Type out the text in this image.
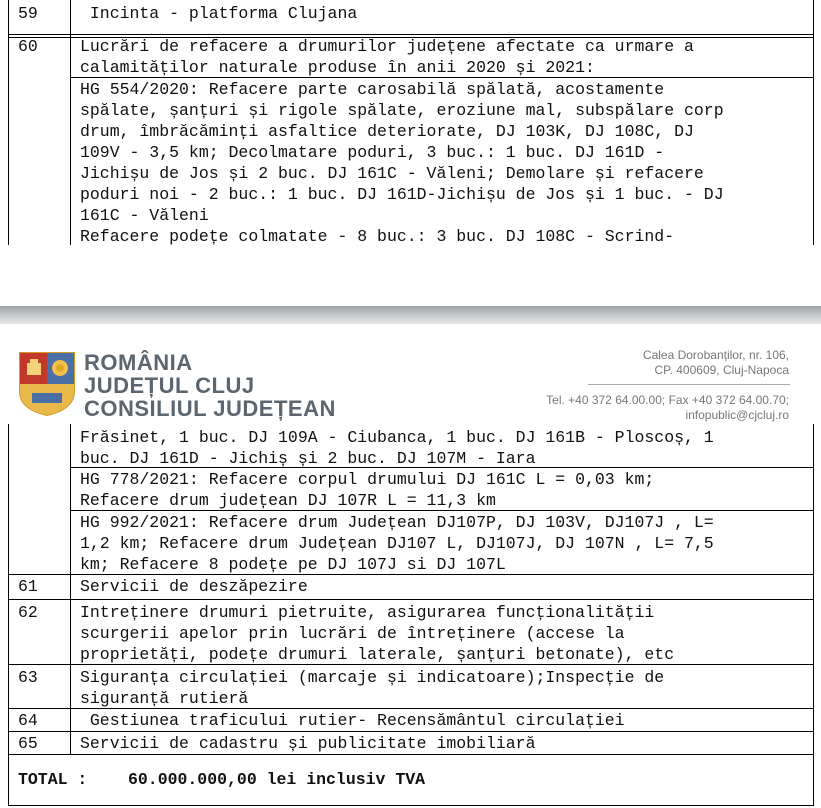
59	Incinta - platforma Clujana
60	Lucrări de refacere a drumurilor județene afectate ca urmare a
calamităților naturale produse în anii 2020 și 2021:
HG 554/2020: Refacere parte carosabilă spălată, acostamente
spălate, șanțuri și rigole spălate, eroziune mal, subspălare corp
drum, îmbrăcăminți asfaltice deteriorate, DJ 103K, DJ 108C, DJ
109V - 3,5 km; Decolmatare poduri, 3 buc.: 1 buc. DJ 161D -
Jichișu de Jos și 2 buc. DJ 161C - Văleni; Demolare și refacere
poduri noi - 2 buc.: 1 buc. DJ 161D-Jichișu de Jos și 1 buc. - DJ
161C - Văleni
Refacere podețe colmatate - 8 buc.: 3 buc. DJ 108C - Scrind-
ROMÂNIA
JUDEȚUL CLUJ
CONSILIUL JUDEȚEAN
Calea Dorobanților, nr. 106,
CP. 400609, Cluj-Napoca
Tel. +40 372 64.00.00; Fax +40 372 64.00.70;
infopublic@cjcluj.ro
Frăsinet, 1 buc. DJ 109A - Ciubanca, 1 buc. DJ 161B - Ploscoș, 1
buc. DJ 161D - Jichiș și 2 buc. DJ 107M - Iara
HG 778/2021: Refacere corpul drumului DJ 161C L = 0,03 km;
Refacere drum județean DJ 107R L = 11,3 km
HG 992/2021: Refacere drum Județean DJ107P, DJ 103V, DJ107J , L=
1,2 km; Refacere drum Județean DJ107 L, DJ107J, DJ 107N , L= 7,5
km; Refacere 8 podețe pe DJ 107J si DJ 107L
61	Servicii de deszăpezire
62	Intreținere drumuri pietruite, asigurarea funcționalității
scurgerii apelor prin lucrări de întreținere (accese la
proprietăți, podețe drumuri laterale, șanțuri betonate), etc
63	Siguranța circulației (marcaje și indicatoare);Inspecție de
siguranță rutieră
64	Gestiunea traficului rutier- Recensământul circulației
65	Servicii de cadastru și publicitate imobiliară
TOTAL : 60.000.000,00 lei inclusiv TVA
